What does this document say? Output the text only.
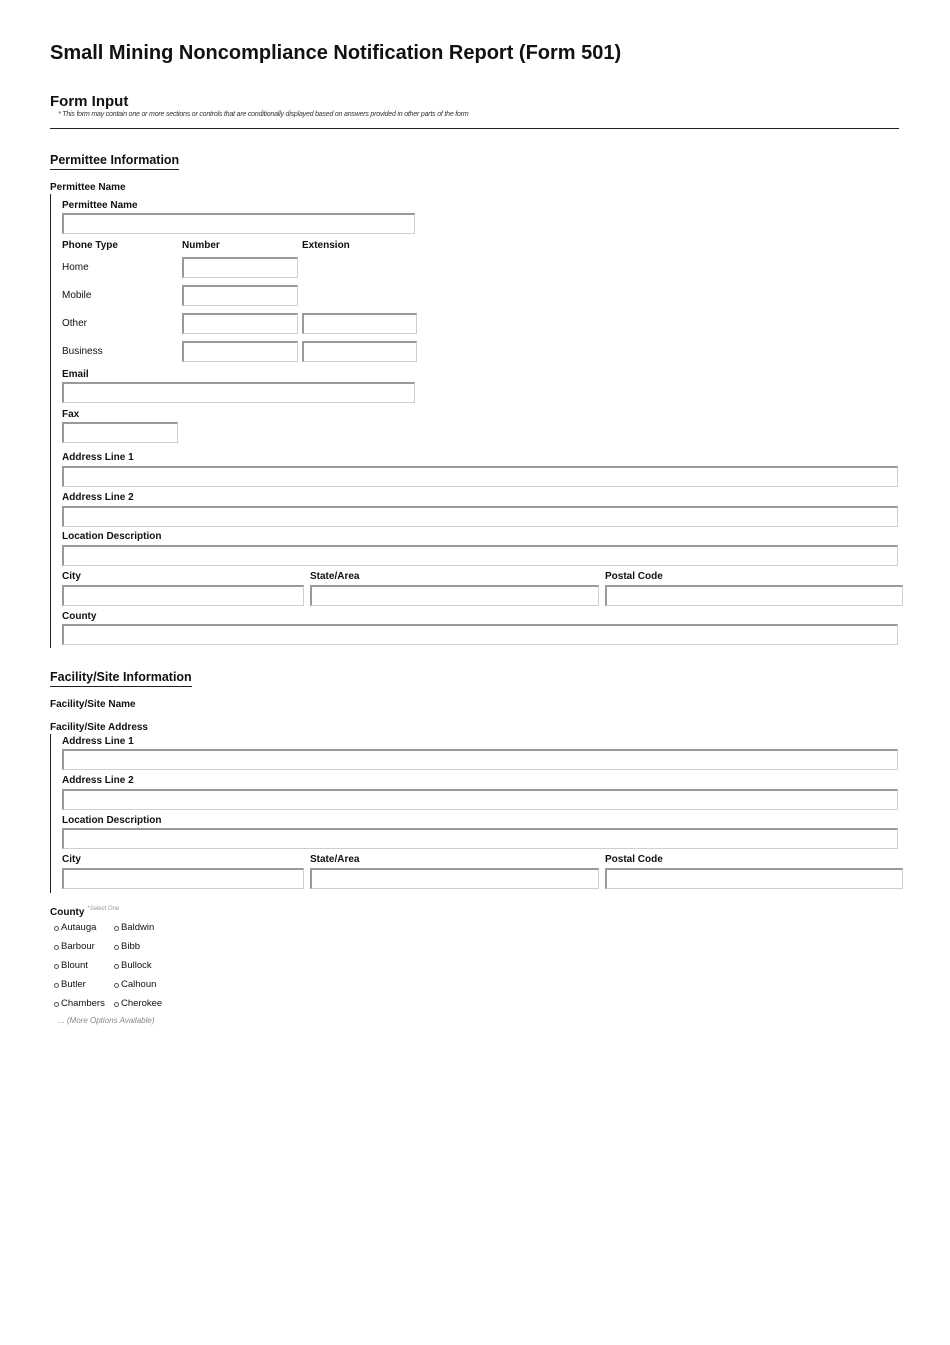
Small Mining Noncompliance Notification Report (Form 501)
Form Input
* This form may contain one or more sections or controls that are conditionally displayed based on answers provided in other parts of the form
Permittee Information
Permittee Name
Permittee Name
Phone Type	Number	Extension
Home
Mobile
Other
Business
Email
Fax
Address Line 1
Address Line 2
Location Description
City	State/Area	Postal Code
County
Facility/Site Information
Facility/Site Name
Facility/Site Address
Address Line 1
Address Line 2
Location Description
City	State/Area	Postal Code
County $^{*Select One}$
Autauga	Baldwin
Barbour	Bibb
Blount	Bullock
Butler	Calhoun
Chambers Cherokee
... (More Options Available)
